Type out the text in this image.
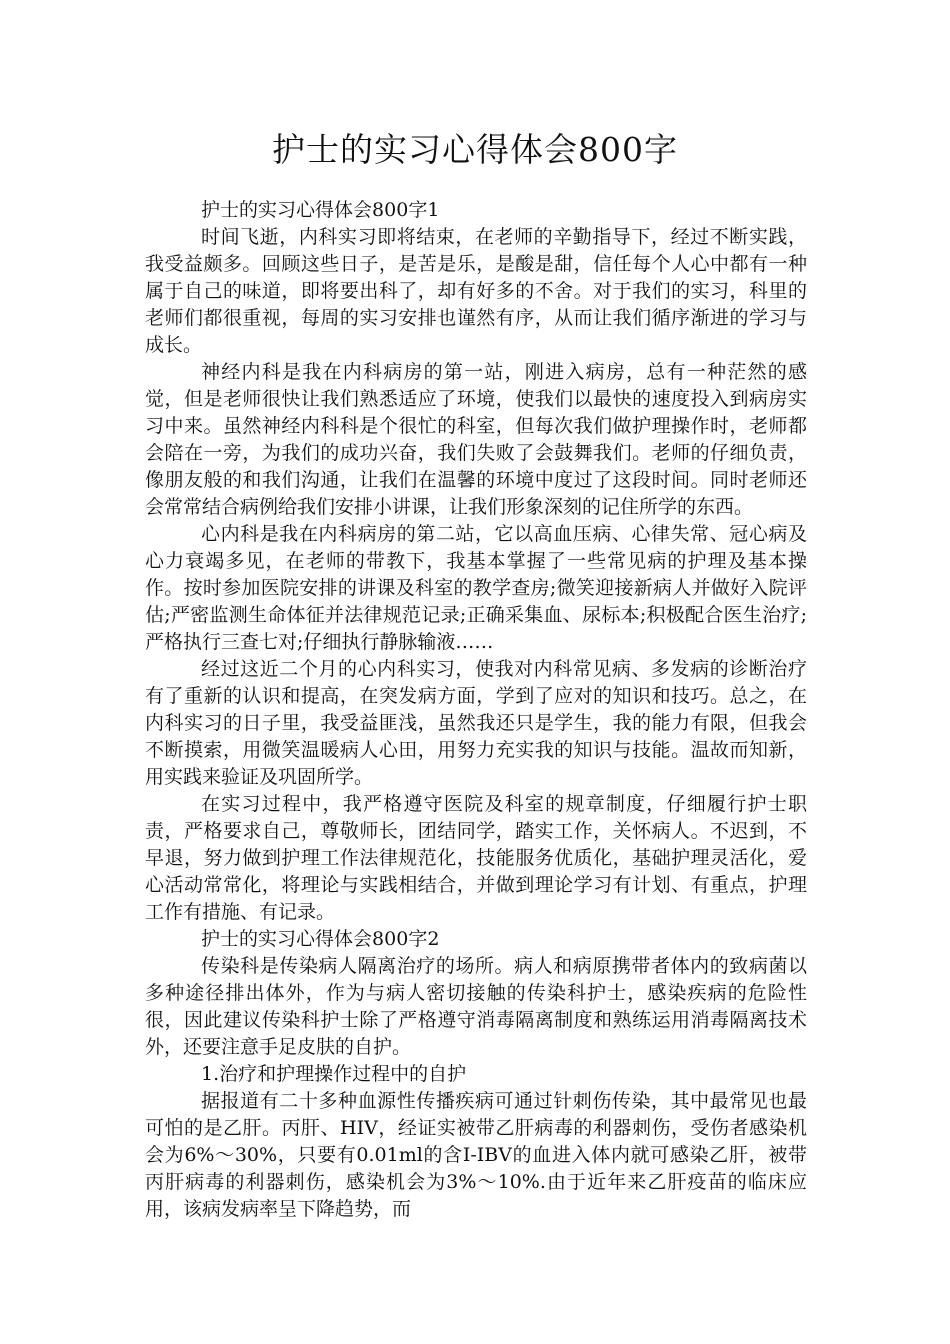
护士的实习心得体会800字

护士的实习心得体会800字1

时间飞逝，内科实习即将结束，在老师的辛勤指导下，经过不断实践，我受益颇多。回顾这些日子，是苦是乐，是酸是甜，信任每个人心中都有一种属于自己的味道，即将要出科了，却有好多的不舍。对于我们的实习，科里的老师们都很重视，每周的实习安排也谨然有序，从而让我们循序渐进的学习与成长。

神经内科是我在内科病房的第一站，刚进入病房，总有一种茫然的感觉，但是老师很快让我们熟悉适应了环境，使我们以最快的速度投入到病房实习中来。虽然神经内科科是个很忙的科室，但每次我们做护理操作时，老师都会陪在一旁，为我们的成功兴奋，我们失败了会鼓舞我们。老师的仔细负责，像朋友般的和我们沟通，让我们在温馨的环境中度过了这段时间。同时老师还会常常结合病例给我们安排小讲课，让我们形象深刻的记住所学的东西。

心内科是我在内科病房的第二站，它以高血压病、心律失常、冠心病及心力衰竭多见，在老师的带教下，我基本掌握了一些常见病的护理及基本操作。按时参加医院安排的讲课及科室的教学查房;微笑迎接新病人并做好入院评估;严密监测生命体征并法律规范记录;正确采集血、尿标本;积极配合医生治疗;严格执行三查七对;仔细执行静脉输液……

经过这近二个月的心内科实习，使我对内科常见病、多发病的诊断治疗有了重新的认识和提高，在突发病方面，学到了应对的知识和技巧。总之，在内科实习的日子里，我受益匪浅，虽然我还只是学生，我的能力有限，但我会不断摸索，用微笑温暖病人心田，用努力充实我的知识与技能。温故而知新，用实践来验证及巩固所学。

在实习过程中，我严格遵守医院及科室的规章制度，仔细履行护士职责，严格要求自己，尊敬师长，团结同学，踏实工作，关怀病人。不迟到，不早退，努力做到护理工作法律规范化，技能服务优质化，基础护理灵活化，爱心活动常常化，将理论与实践相结合，并做到理论学习有计划、有重点，护理工作有措施、有记录。

护士的实习心得体会800字2

传染科是传染病人隔离治疗的场所。病人和病原携带者体内的致病菌以多种途径排出体外，作为与病人密切接触的传染科护士，感染疾病的危险性很，因此建议传染科护士除了严格遵守消毒隔离制度和熟练运用消毒隔离技术外，还要注意手足皮肤的自护。

1.治疗和护理操作过程中的自护

据报道有二十多种血源性传播疾病可通过针刺伤传染，其中最常见也最可怕的是乙肝。丙肝、HIV，经证实被带乙肝病毒的利器刺伤，受伤者感染机会为6%～30%，只要有0.01ml的含I-IBV的血进入体内就可感染乙肝，被带丙肝病毒的利器刺伤，感染机会为3%～10%.由于近年来乙肝疫苗的临床应用，该病发病率呈下降趋势，而
